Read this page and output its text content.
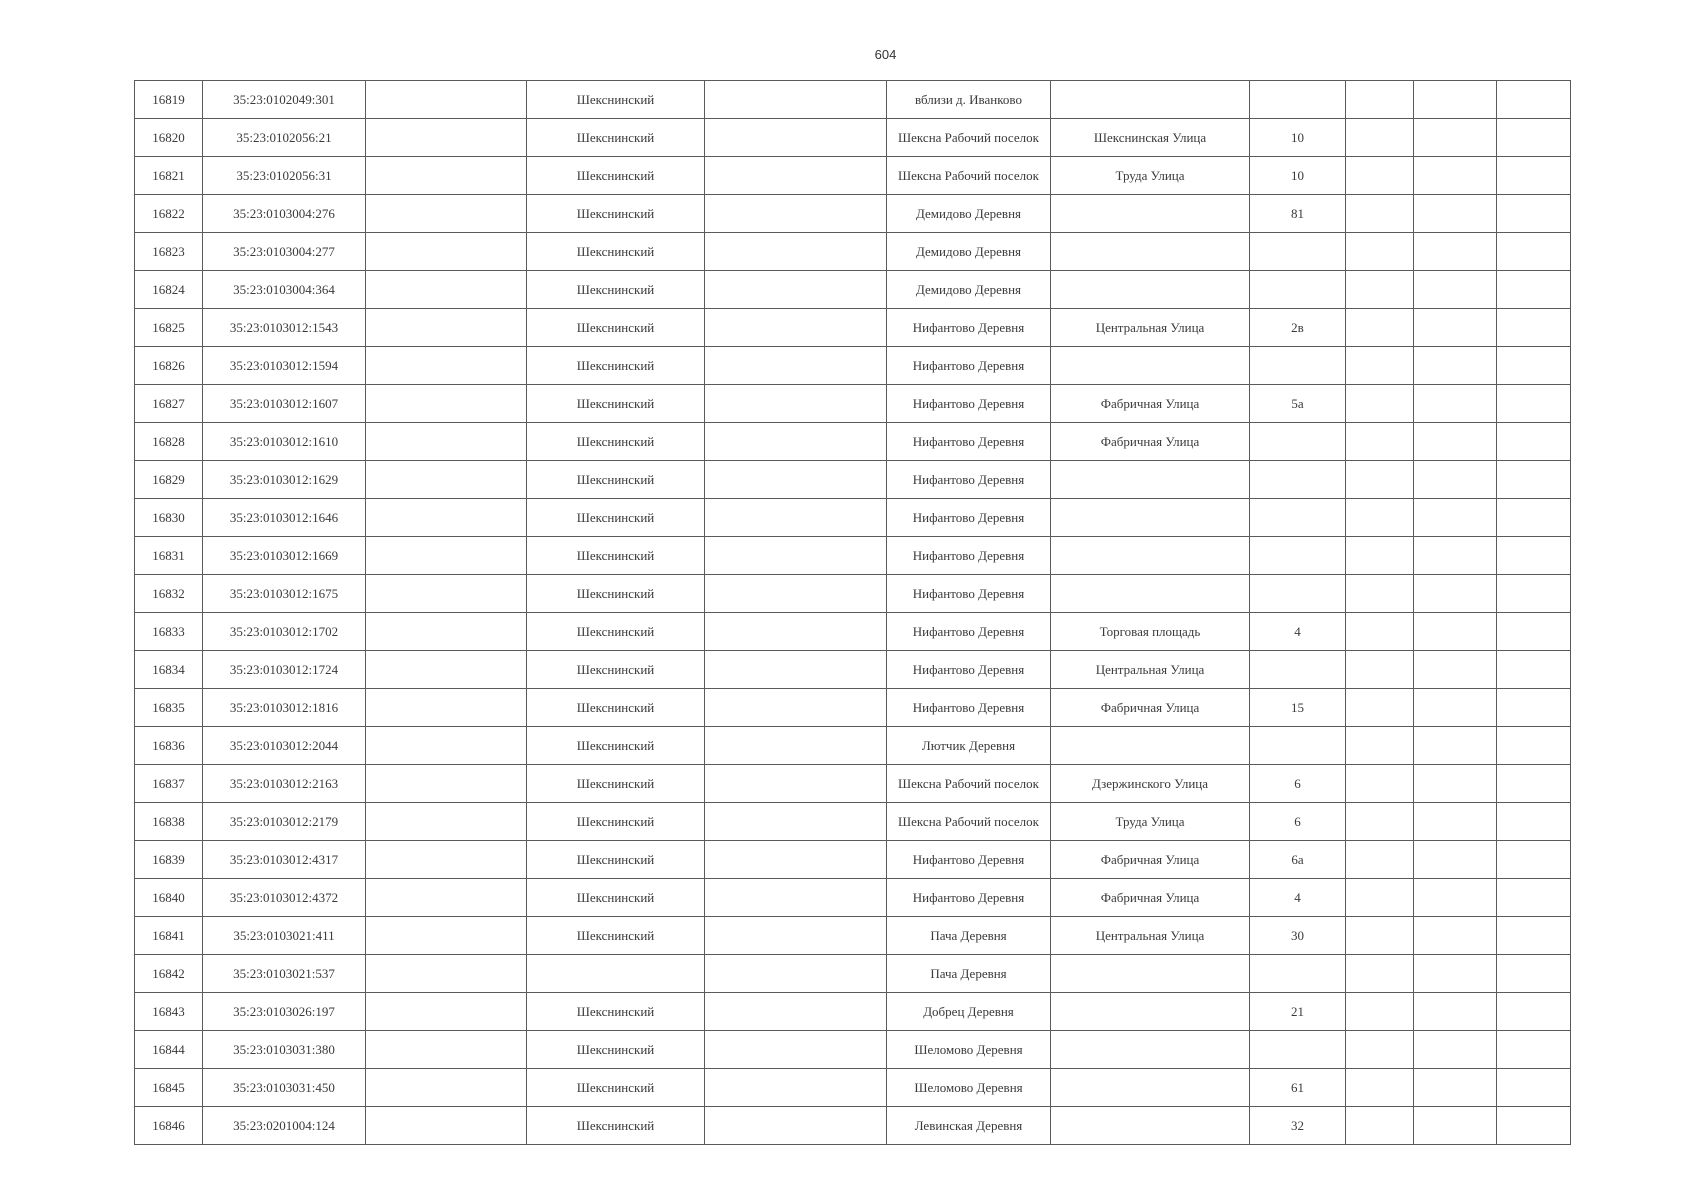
604
16819	35:23:0102049:301		Шекснинский		вблизи д. Иванково					
16820	35:23:0102056:21		Шекснинский		Шексна Рабочий поселок	Шекснинская Улица	10			
16821	35:23:0102056:31		Шекснинский		Шексна Рабочий поселок	Труда Улица	10			
16822	35:23:0103004:276		Шекснинский		Демидово Деревня		81			
16823	35:23:0103004:277		Шекснинский		Демидово Деревня					
16824	35:23:0103004:364		Шекснинский		Демидово Деревня					
16825	35:23:0103012:1543		Шекснинский		Нифантово Деревня	Центральная Улица	2в			
16826	35:23:0103012:1594		Шекснинский		Нифантово Деревня					
16827	35:23:0103012:1607		Шекснинский		Нифантово Деревня	Фабричная Улица	5а			
16828	35:23:0103012:1610		Шекснинский		Нифантово Деревня	Фабричная Улица				
16829	35:23:0103012:1629		Шекснинский		Нифантово Деревня					
16830	35:23:0103012:1646		Шекснинский		Нифантово Деревня					
16831	35:23:0103012:1669		Шекснинский		Нифантово Деревня					
16832	35:23:0103012:1675		Шекснинский		Нифантово Деревня					
16833	35:23:0103012:1702		Шекснинский		Нифантово Деревня	Торговая площадь	4			
16834	35:23:0103012:1724		Шекснинский		Нифантово Деревня	Центральная Улица				
16835	35:23:0103012:1816		Шекснинский		Нифантово Деревня	Фабричная Улица	15			
16836	35:23:0103012:2044		Шекснинский		Лютчик Деревня					
16837	35:23:0103012:2163		Шекснинский		Шексна Рабочий поселок	Дзержинского Улица	6			
16838	35:23:0103012:2179		Шекснинский		Шексна Рабочий поселок	Труда Улица	6			
16839	35:23:0103012:4317		Шекснинский		Нифантово Деревня	Фабричная Улица	6а			
16840	35:23:0103012:4372		Шекснинский		Нифантово Деревня	Фабричная Улица	4			
16841	35:23:0103021:411		Шекснинский		Пача Деревня	Центральная Улица	30			
16842	35:23:0103021:537				Пача Деревня					
16843	35:23:0103026:197		Шекснинский		Добрец Деревня		21			
16844	35:23:0103031:380		Шекснинский		Шеломово Деревня					
16845	35:23:0103031:450		Шекснинский		Шеломово Деревня		61			
16846	35:23:0201004:124		Шекснинский		Левинская Деревня		32			
